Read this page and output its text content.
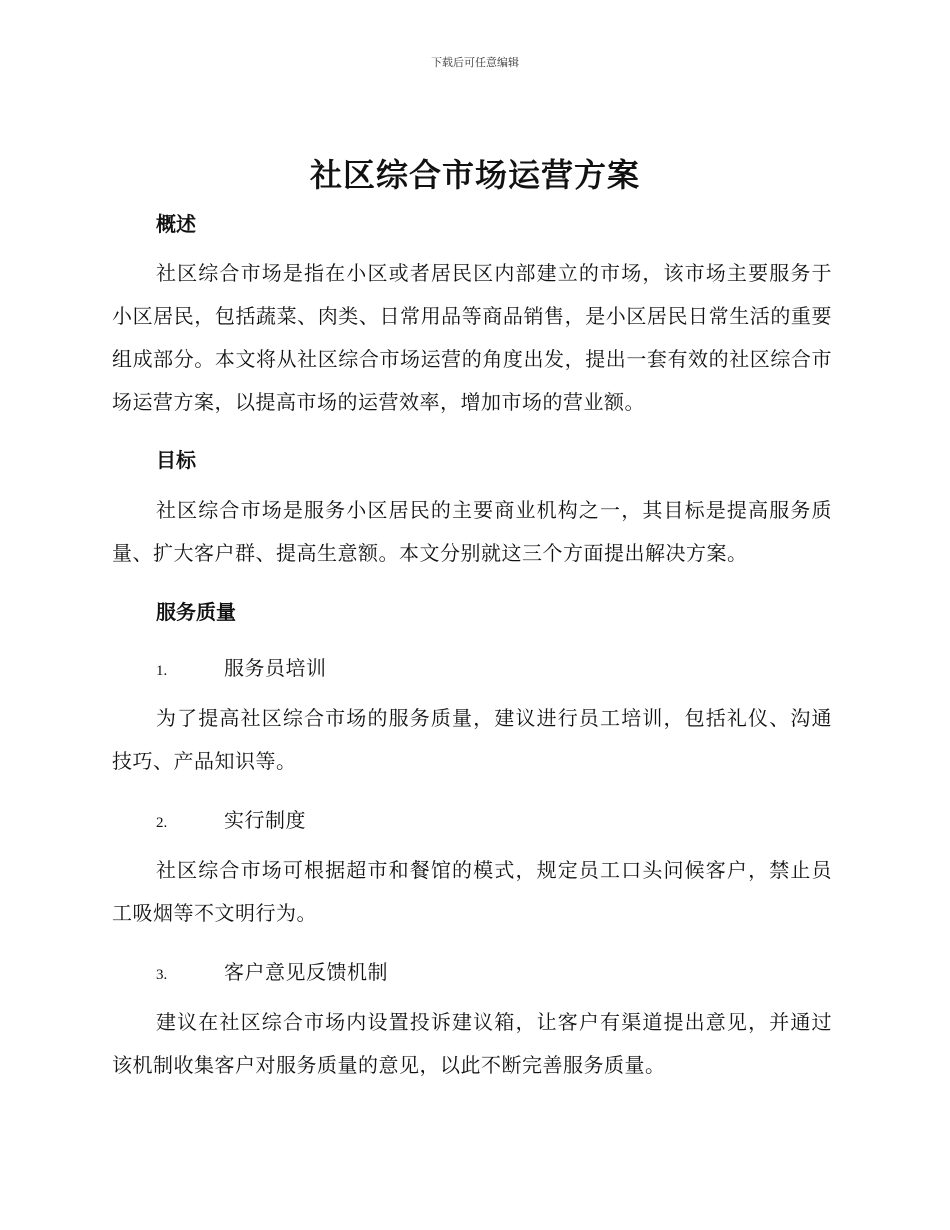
下载后可任意编辑
社区综合市场运营方案
概述
社区综合市场是指在小区或者居民区内部建立的市场，该市场主要服务于小区居民，包括蔬菜、肉类、日常用品等商品销售，是小区居民日常生活的重要组成部分。本文将从社区综合市场运营的角度出发，提出一套有效的社区综合市场运营方案，以提高市场的运营效率，增加市场的营业额。
目标
社区综合市场是服务小区居民的主要商业机构之一，其目标是提高服务质量、扩大客户群、提高生意额。本文分别就这三个方面提出解决方案。
服务质量
1.	服务员培训
为了提高社区综合市场的服务质量，建议进行员工培训，包括礼仪、沟通技巧、产品知识等。
2.	实行制度
社区综合市场可根据超市和餐馆的模式，规定员工口头问候客户，禁止员工吸烟等不文明行为。
3.	客户意见反馈机制
建议在社区综合市场内设置投诉建议箱，让客户有渠道提出意见，并通过该机制收集客户对服务质量的意见，以此不断完善服务质量。
